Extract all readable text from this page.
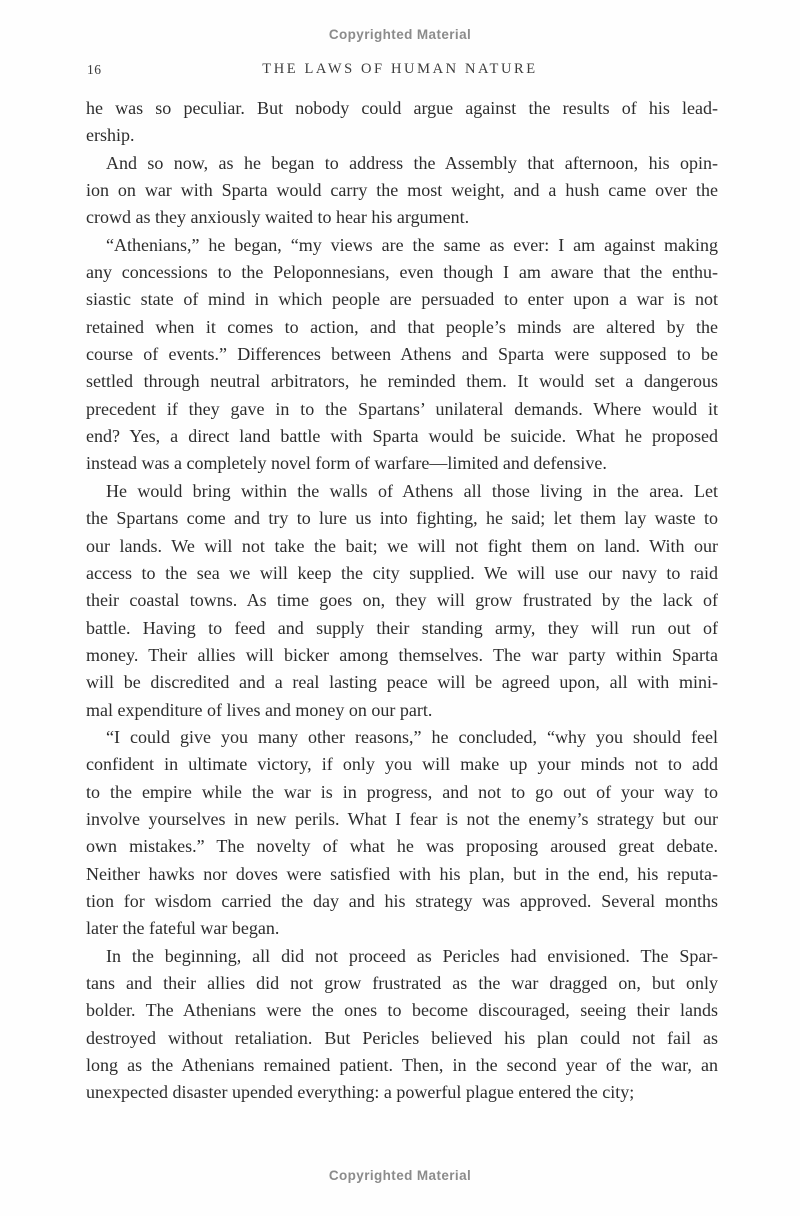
Copyrighted Material
16	THE LAWS OF HUMAN NATURE
he was so peculiar. But nobody could argue against the results of his lead-
ership.
And so now, as he began to address the Assembly that afternoon, his opin-
ion on war with Sparta would carry the most weight, and a hush came over the
crowd as they anxiously waited to hear his argument.
“Athenians,” he began, “my views are the same as ever: I am against making
any concessions to the Peloponnesians, even though I am aware that the enthu-
siastic state of mind in which people are persuaded to enter upon a war is not
retained when it comes to action, and that people’s minds are altered by the
course of events.” Differences between Athens and Sparta were supposed to be
settled through neutral arbitrators, he reminded them. It would set a dangerous
precedent if they gave in to the Spartans’ unilateral demands. Where would it
end? Yes, a direct land battle with Sparta would be suicide. What he proposed
instead was a completely novel form of warfare—limited and defensive.
He would bring within the walls of Athens all those living in the area. Let
the Spartans come and try to lure us into fighting, he said; let them lay waste to
our lands. We will not take the bait; we will not fight them on land. With our
access to the sea we will keep the city supplied. We will use our navy to raid
their coastal towns. As time goes on, they will grow frustrated by the lack of
battle. Having to feed and supply their standing army, they will run out of
money. Their allies will bicker among themselves. The war party within Sparta
will be discredited and a real lasting peace will be agreed upon, all with mini-
mal expenditure of lives and money on our part.
“I could give you many other reasons,” he concluded, “why you should feel
confident in ultimate victory, if only you will make up your minds not to add
to the empire while the war is in progress, and not to go out of your way to
involve yourselves in new perils. What I fear is not the enemy’s strategy but our
own mistakes.” The novelty of what he was proposing aroused great debate.
Neither hawks nor doves were satisfied with his plan, but in the end, his reputa-
tion for wisdom carried the day and his strategy was approved. Several months
later the fateful war began.
In the beginning, all did not proceed as Pericles had envisioned. The Spar-
tans and their allies did not grow frustrated as the war dragged on, but only
bolder. The Athenians were the ones to become discouraged, seeing their lands
destroyed without retaliation. But Pericles believed his plan could not fail as
long as the Athenians remained patient. Then, in the second year of the war, an
unexpected disaster upended everything: a powerful plague entered the city;
Copyrighted Material
